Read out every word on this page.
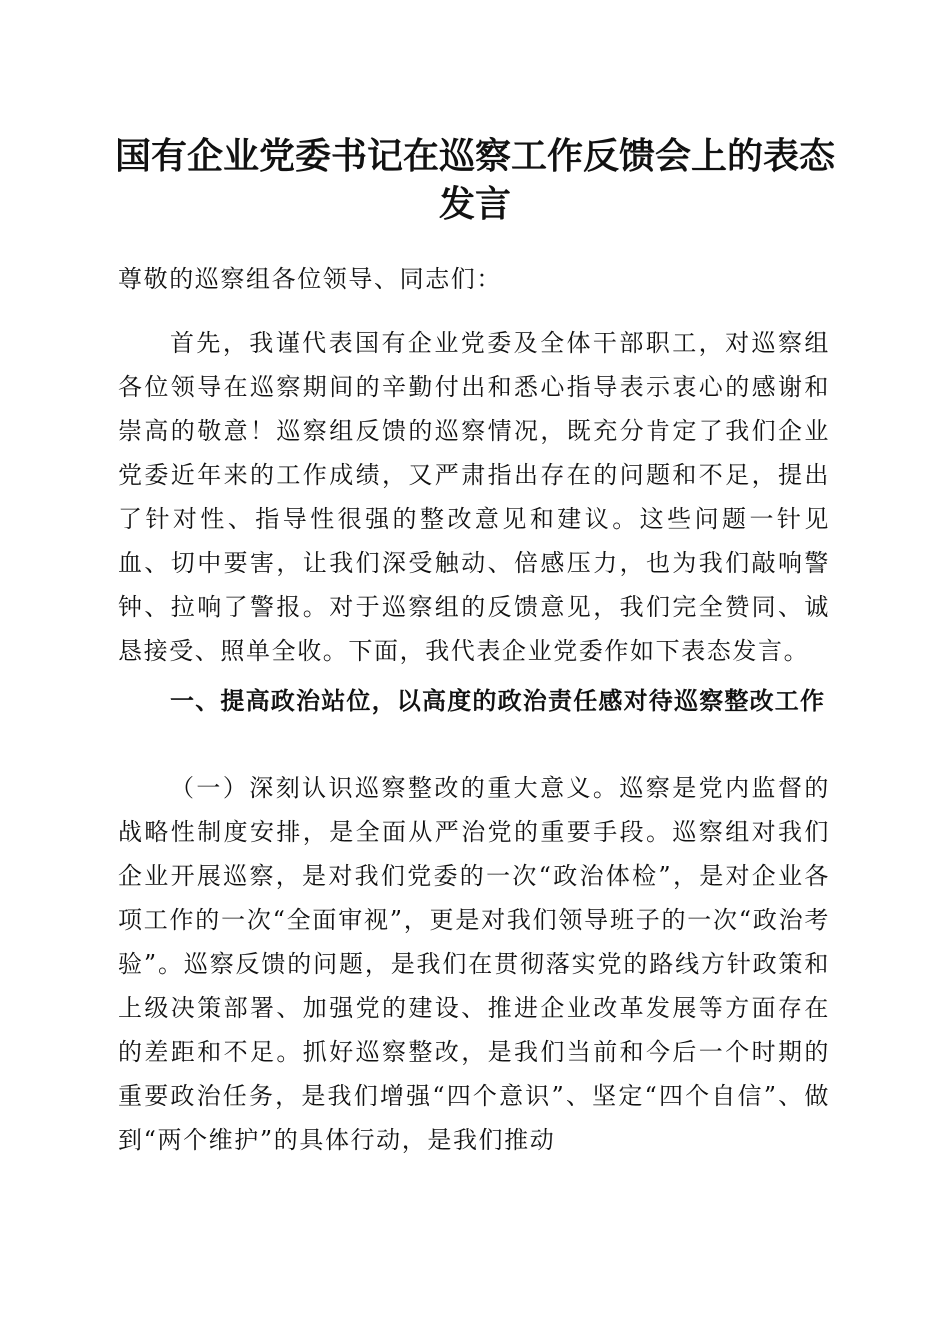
国有企业党委书记在巡察工作反馈会上的表态发言

尊敬的巡察组各位领导、同志们：

首先，我谨代表国有企业党委及全体干部职工，对巡察组各位领导在巡察期间的辛勤付出和悉心指导表示衷心的感谢和崇高的敬意！巡察组反馈的巡察情况，既充分肯定了我们企业党委近年来的工作成绩，又严肃指出存在的问题和不足，提出了针对性、指导性很强的整改意见和建议。这些问题一针见血、切中要害，让我们深受触动、倍感压力，也为我们敲响警钟、拉响了警报。对于巡察组的反馈意见，我们完全赞同、诚恳接受、照单全收。下面，我代表企业党委作如下表态发言。

一、提高政治站位，以高度的政治责任感对待巡察整改工作

（一）深刻认识巡察整改的重大意义。巡察是党内监督的战略性制度安排，是全面从严治党的重要手段。巡察组对我们企业开展巡察，是对我们党委的一次“政治体检”，是对企业各项工作的一次“全面审视”，更是对我们领导班子的一次“政治考验”。巡察反馈的问题，是我们在贯彻落实党的路线方针政策和上级决策部署、加强党的建设、推进企业改革发展等方面存在的差距和不足。抓好巡察整改，是我们当前和今后一个时期的重要政治任务，是我们增强“四个意识”、坚定“四个自信”、做到“两个维护”的具体行动，是我们推动
